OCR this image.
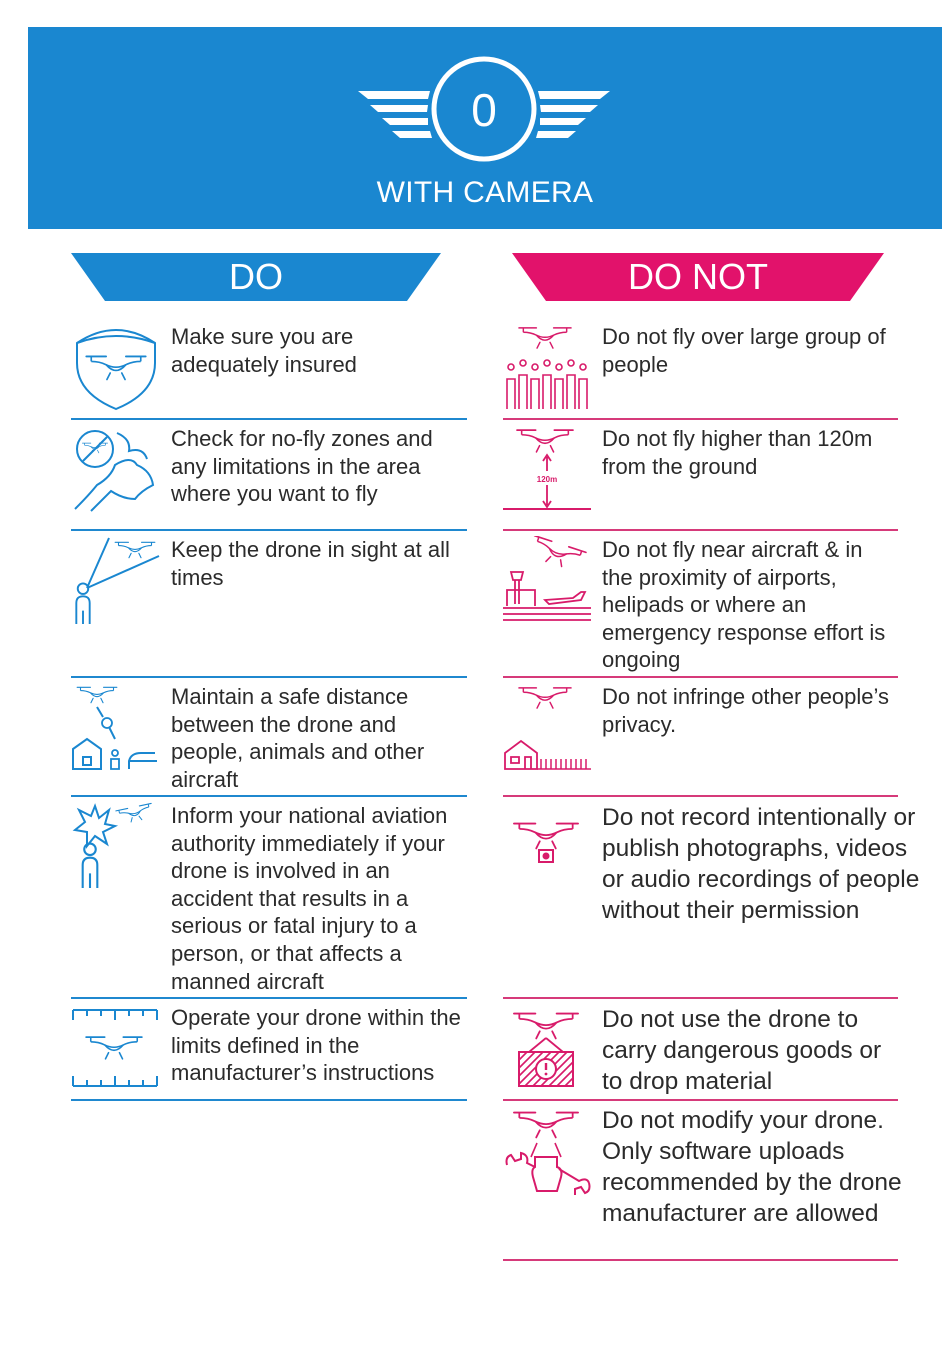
0
WITH CAMERA
DO	DO NOT
Make sure you are adequately insured
Check for no-fly zones and any limitations in the area where you want to fly
Keep the drone in sight at all times
Maintain a safe distance between the drone and people, animals and other aircraft
Inform your national aviation authority immediately if your drone is involved in an accident that results in a serious or fatal injury to a person, or that affects a manned aircraft
Operate your drone within the limits defined in the manufacturer’s instructions
Do not fly over large group of people
120m
Do not fly higher than 120m from the ground
Do not fly near aircraft & in the proximity of airports, helipads or where an emergency response effort is ongoing
Do not infringe other people’s privacy.
Do not record intentionally or publish photographs, videos or audio recordings of people without their permission
Do not use the drone to carry dangerous goods or to drop material
Do not modify your drone. Only software uploads recommended by the drone manufacturer are allowed
